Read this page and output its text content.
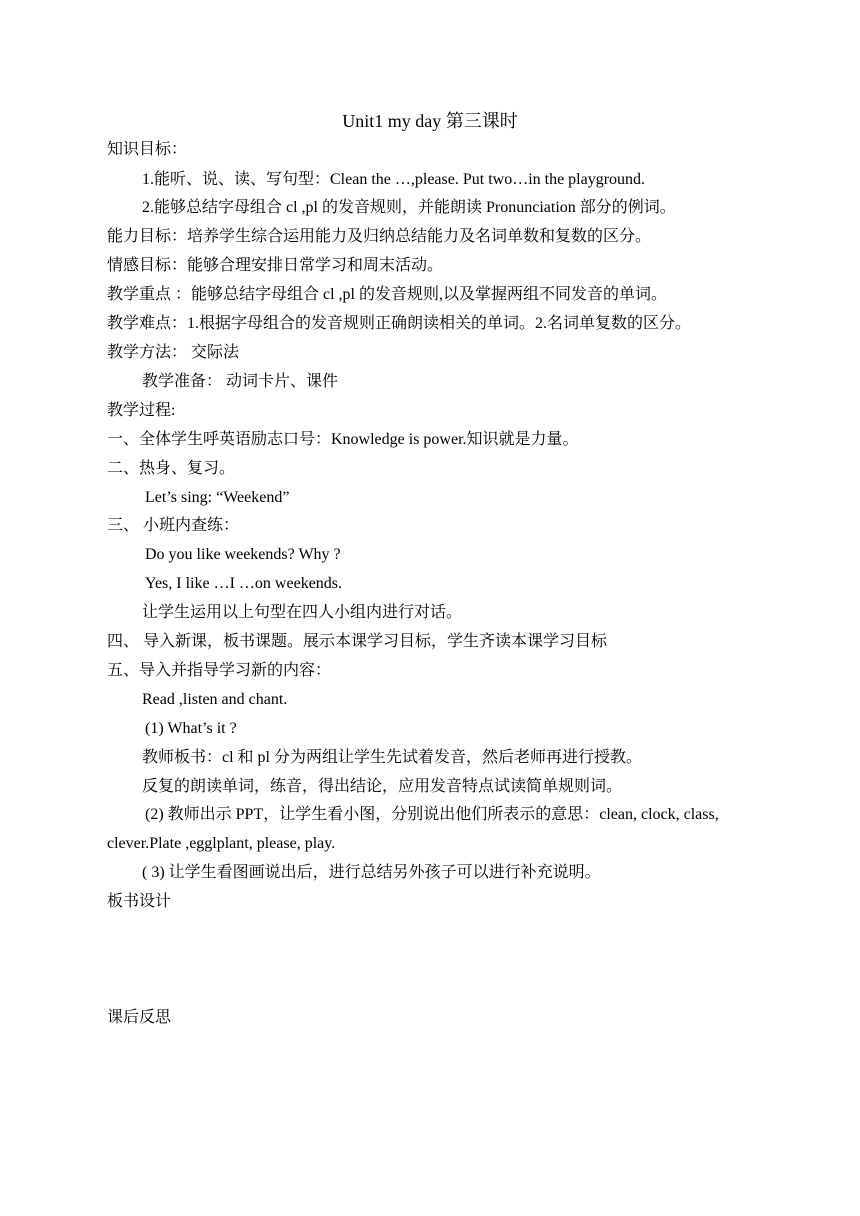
Unit1 my day 第三课时
知识目标：
1.能听、说、读、写句型：Clean the …,please. Put two…in the playground.
2.能够总结字母组合 cl ,pl 的发音规则，并能朗读 Pronunciation 部分的例词。
能力目标：培养学生综合运用能力及归纳总结能力及名词单数和复数的区分。
情感目标：能够合理安排日常学习和周末活动。
教学重点 ：能够总结字母组合 cl ,pl 的发音规则,以及掌握两组不同发音的单词。
教学难点：1.根据字母组合的发音规则正确朗读相关的单词。2.名词单复数的区分。
教学方法： 交际法
教学准备： 动词卡片、课件
教学过程:
一、全体学生呼英语励志口号：Knowledge is power.知识就是力量。
二、热身、复习。
Let’s sing: “Weekend”
三、 小班内查练：
Do you like weekends? Why ?
Yes, I like …I …on weekends.
让学生运用以上句型在四人小组内进行对话。
四、 导入新课，板书课题。展示本课学习目标，学生齐读本课学习目标
五、导入并指导学习新的内容：
Read ,listen and chant.
(1) What’s it ?
教师板书：cl 和 pl 分为两组让学生先试着发音，然后老师再进行授教。
反复的朗读单词，练音，得出结论，应用发音特点试读简单规则词。
(2) 教师出示 PPT，让学生看小图，分别说出他们所表示的意思：clean, clock, class, clever.Plate ,egglplant, please, play.
( 3) 让学生看图画说出后，进行总结另外孩子可以进行补充说明。
板书设计
课后反思
